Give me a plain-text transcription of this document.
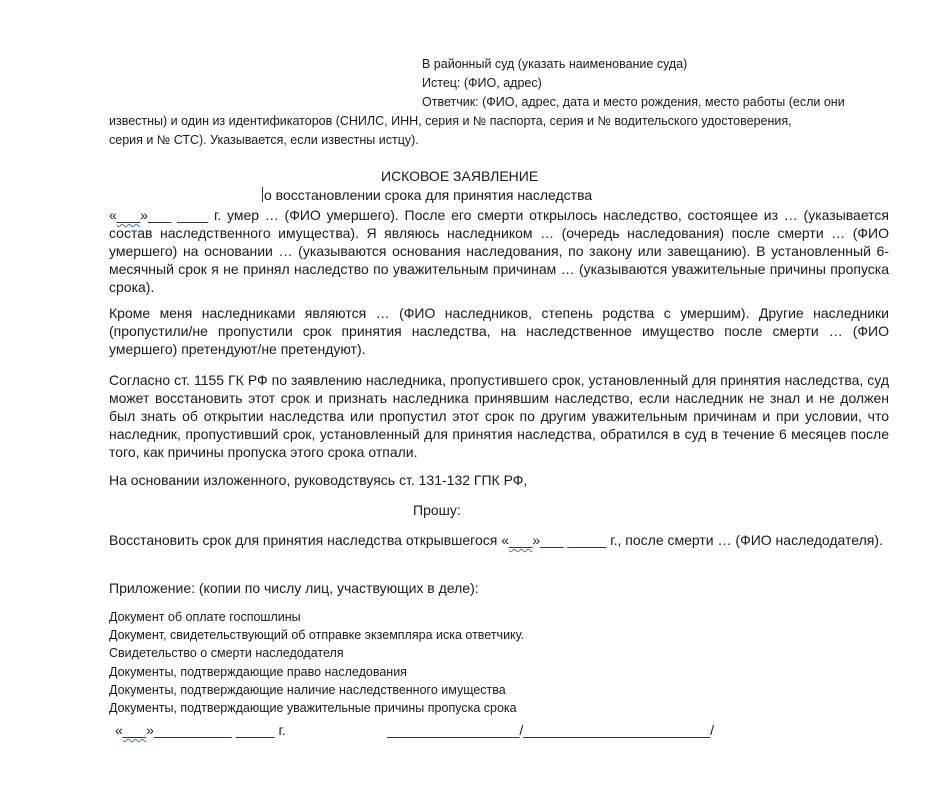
В районный суд (указать наименование суда)
Истец: (ФИО, адрес)
Ответчик: (ФИО, адрес, дата и место рождения, место работы (если они
известны) и один из идентификаторов (СНИЛС, ИНН, серия и № паспорта, серия и № водительского удостоверения,
серия и № СТС). Указывается, если известны истцу).
ИСКОВОЕ ЗАЯВЛЕНИЕ
о восстановлении срока для принятия наследства
«___»___ ____ г. умер … (ФИО умершего). После его смерти открылось наследство, состоящее из … (указывается состав наследственного имущества). Я являюсь наследником … (очередь наследования) после смерти … (ФИО умершего) на основании … (указываются основания наследования, по закону или завещанию). В установленный 6-месячный срок я не принял наследство по уважительным причинам … (указываются уважительные причины пропуска срока).
Кроме меня наследниками являются … (ФИО наследников, степень родства с умершим). Другие наследники (пропустили/не пропустили срок принятия наследства, на наследственное имущество после смерти … (ФИО умершего) претендуют/не претендуют).
Согласно ст. 1155 ГК РФ по заявлению наследника, пропустившего срок, установленный для принятия наследства, суд может восстановить этот срок и признать наследника принявшим наследство, если наследник не знал и не должен был знать об открытии наследства или пропустил этот срок по другим уважительным причинам и при условии, что наследник, пропустивший срок, установленный для принятия наследства, обратился в суд в течение 6 месяцев после того, как причины пропуска этого срока отпали.
На основании изложенного, руководствуясь ст. 131-132 ГПК РФ,
Прошу:
Восстановить срок для принятия наследства открывшегося «___»___ _____ г., после смерти … (ФИО наследодателя).
Приложение: (копии по числу лиц, участвующих в деле):
Документ об оплате госпошлины
Документ, свидетельствующий об отправке экземпляра иска ответчику.
Свидетельство о смерти наследодателя
Документы, подтверждающие право наследования
Документы, подтверждающие наличие наследственного имущества
Документы, подтверждающие уважительные причины пропуска срока
«___»__________ _____ г.	_________________/________________________/
